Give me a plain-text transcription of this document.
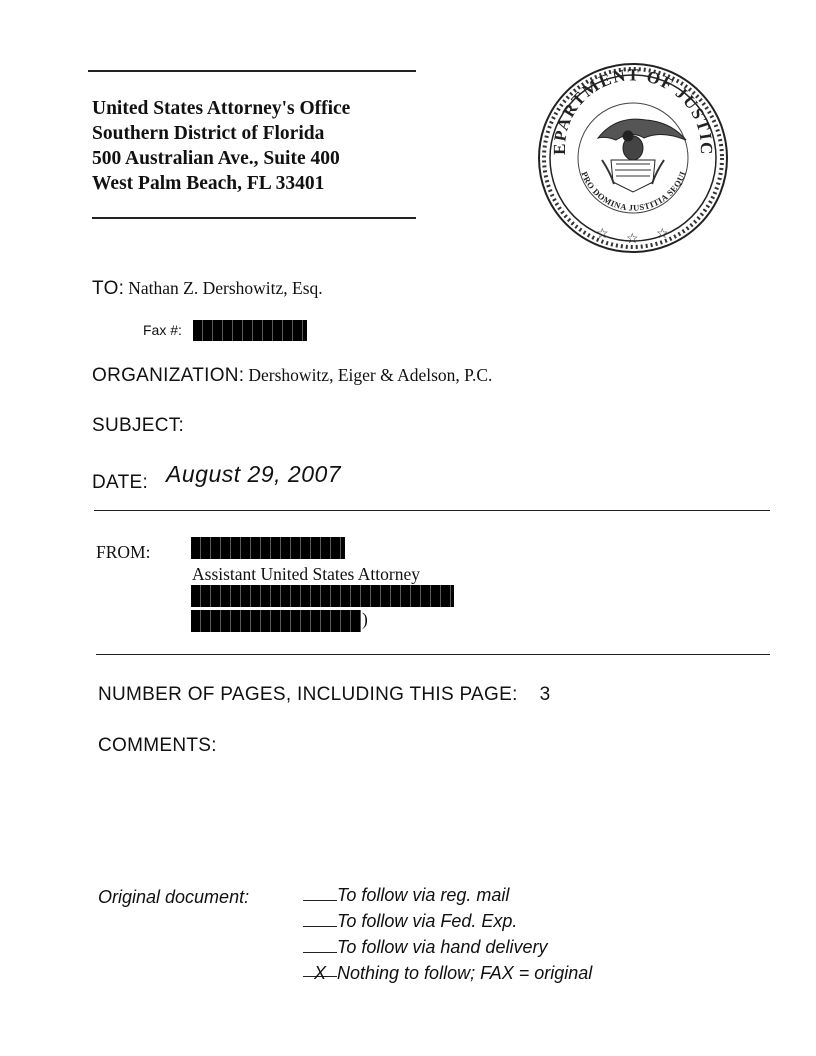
United States Attorney's Office
Southern District of Florida
500 Australian Ave., Suite 400
West Palm Beach, FL 33401
EPARTMENT OF JUSTIC
PRO DOMINA JUSTITIA SEQUI
☆ ☆ ☆
TO: Nathan Z. Dershowitz, Esq.
Fax #:
ORGANIZATION: Dershowitz, Eiger & Adelson, P.C.
SUBJECT:
DATE: August 29, 2007
FROM:
Assistant United States Attorney
)
NUMBER OF PAGES, INCLUDING THIS PAGE: 3
COMMENTS:
Original document:	To follow via reg. mail
To follow via Fed. Exp.
To follow via hand delivery
X Nothing to follow; FAX = original
